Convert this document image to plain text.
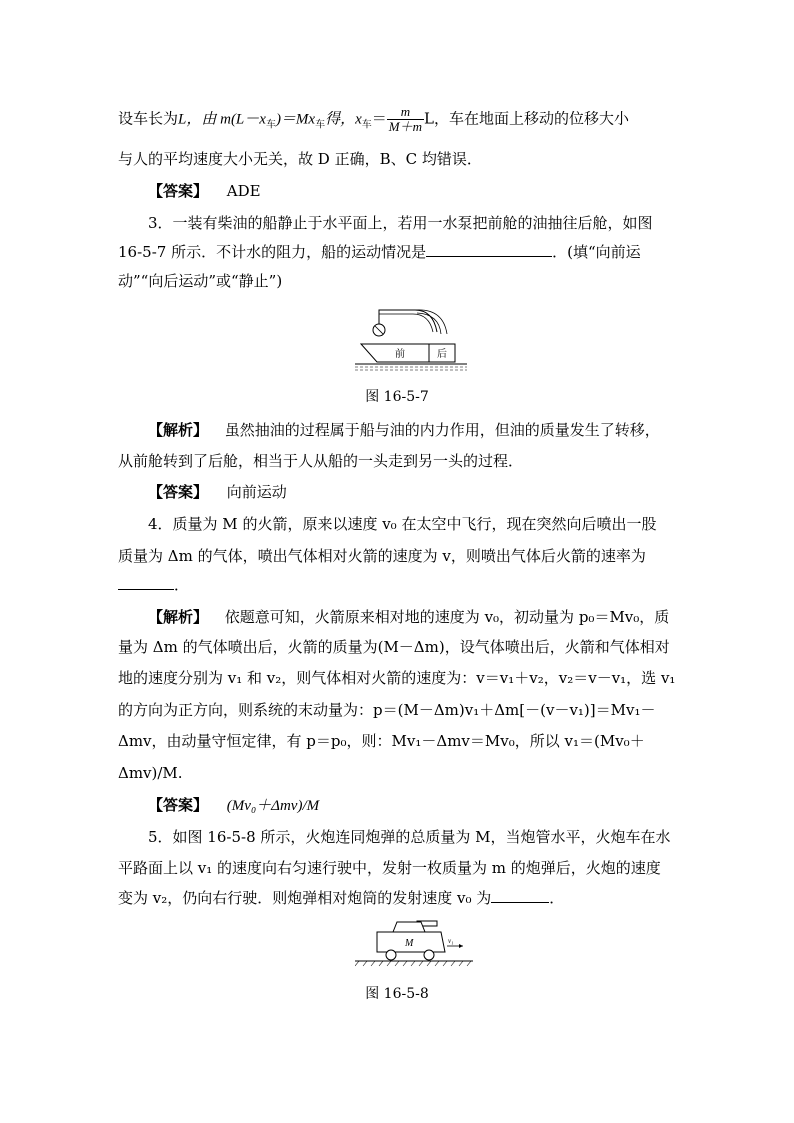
设车长为L，由 $m(L-x_车)=Mx_车$得，$x_车= \frac{m}{M+m}$ L，车在地面上移动的位移大小
与人的平均速度大小无关，故 D 正确，B、C 均错误．
【答案】 ADE
3．一装有柴油的船静止于水平面上，若用一水泵把前舱的油抽往后舱，如图
16-5-7 所示．不计水的阻力，船的运动情况是	．(填“向前运
动”“向后运动”或“静止”)
前	后
图 16-5-7
【解析】 虽然抽油的过程属于船与油的内力作用，但油的质量发生了转移，
从前舱转到了后舱，相当于人从船的一头走到另一头的过程．
【答案】 向前运动
4．质量为 M 的火箭，原来以速度 v₀ 在太空中飞行，现在突然向后喷出一股
质量为 Δm 的气体，喷出气体相对火箭的速度为 v，则喷出气体后火箭的速率为
．
【解析】 依题意可知，火箭原来相对地的速度为 v₀，初动量为 p₀＝Mv₀，质
量为 Δm 的气体喷出后，火箭的质量为(M－Δm)，设气体喷出后，火箭和气体相对
地的速度分别为 v₁ 和 v₂，则气体相对火箭的速度为：v＝v₁＋v₂，v₂＝v－v₁，选 v₁
的方向为正方向，则系统的末动量为：p＝(M－Δm)v₁＋Δm[－(v－v₁)]＝Mv₁－
Δmv，由动量守恒定律，有 p＝p₀，则：Mv₁－Δmv＝Mv₀，所以 v₁＝(Mv₀＋
Δmv)/M.
【答案】 (Mv₀＋Δmv)/M
5．如图 16-5-8 所示，火炮连同炮弹的总质量为 M，当炮管水平，火炮车在水
平路面上以 v₁ 的速度向右匀速行驶中，发射一枚质量为 m 的炮弹后，火炮的速度
变为 v₂，仍向右行驶．则炮弹相对炮筒的发射速度 v₀ 为	．
M	v₁
图 16-5-8
